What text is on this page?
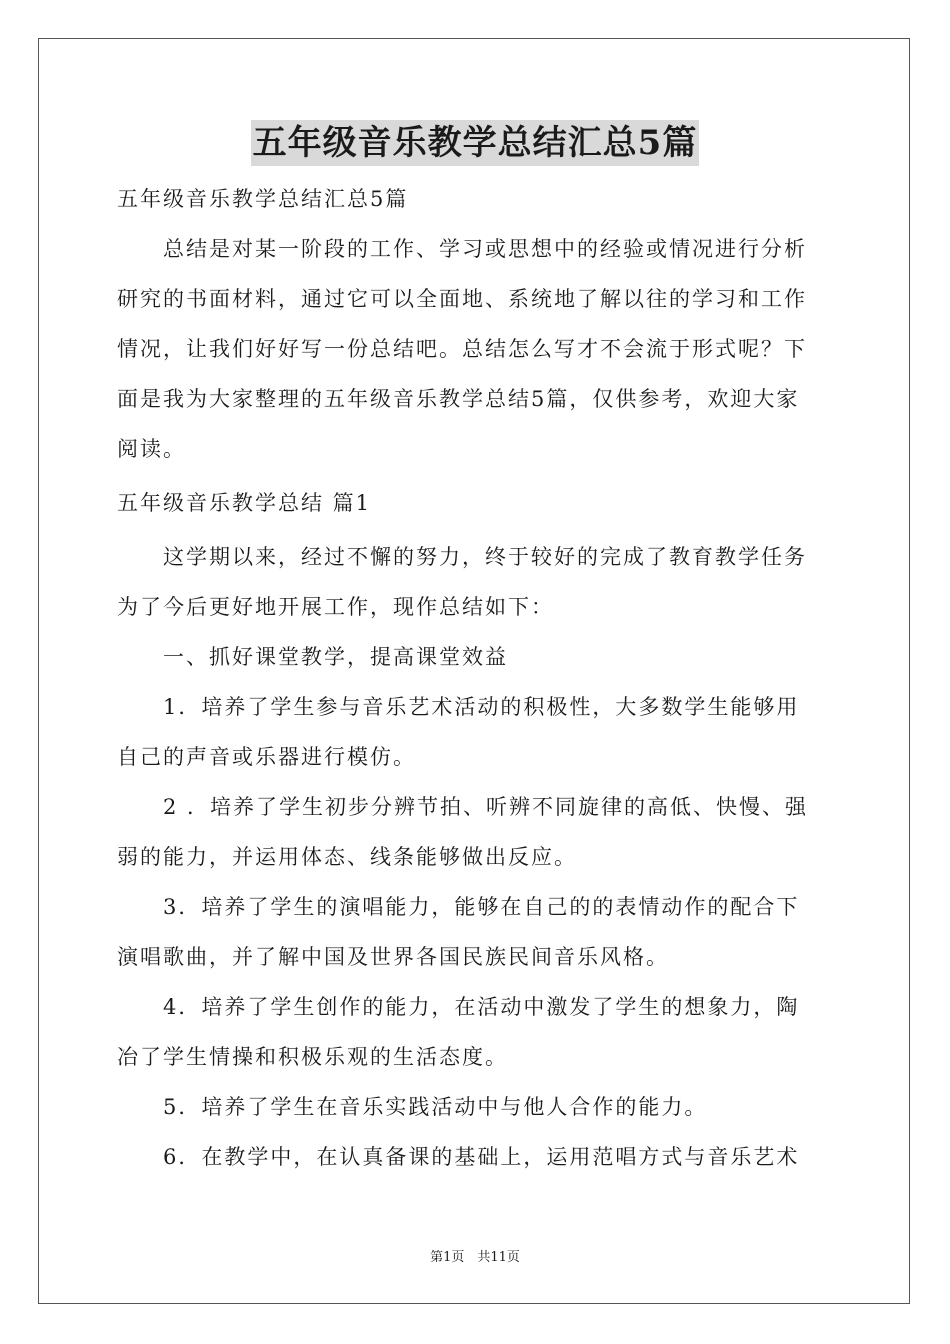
五年级音乐教学总结汇总5篇
五年级音乐教学总结汇总5篇
总结是对某一阶段的工作、学习或思想中的经验或情况进行分析
研究的书面材料，通过它可以全面地、系统地了解以往的学习和工作
情况，让我们好好写一份总结吧。总结怎么写才不会流于形式呢？下
面是我为大家整理的五年级音乐教学总结5篇，仅供参考，欢迎大家
阅读。
五年级音乐教学总结 篇1
这学期以来，经过不懈的努力，终于较好的完成了教育教学任务
为了今后更好地开展工作，现作总结如下：
一、抓好课堂教学，提高课堂效益
1．培养了学生参与音乐艺术活动的积极性，大多数学生能够用
自己的声音或乐器进行模仿。
2 ．培养了学生初步分辨节拍、听辨不同旋律的高低、快慢、强
弱的能力，并运用体态、线条能够做出反应。
3．培养了学生的演唱能力，能够在自己的的表情动作的配合下
演唱歌曲，并了解中国及世界各国民族民间音乐风格。
4．培养了学生创作的能力，在活动中激发了学生的想象力，陶
冶了学生情操和积极乐观的生活态度。
5．培养了学生在音乐实践活动中与他人合作的能力。
6．在教学中，在认真备课的基础上，运用范唱方式与音乐艺术
第1页　共11页
